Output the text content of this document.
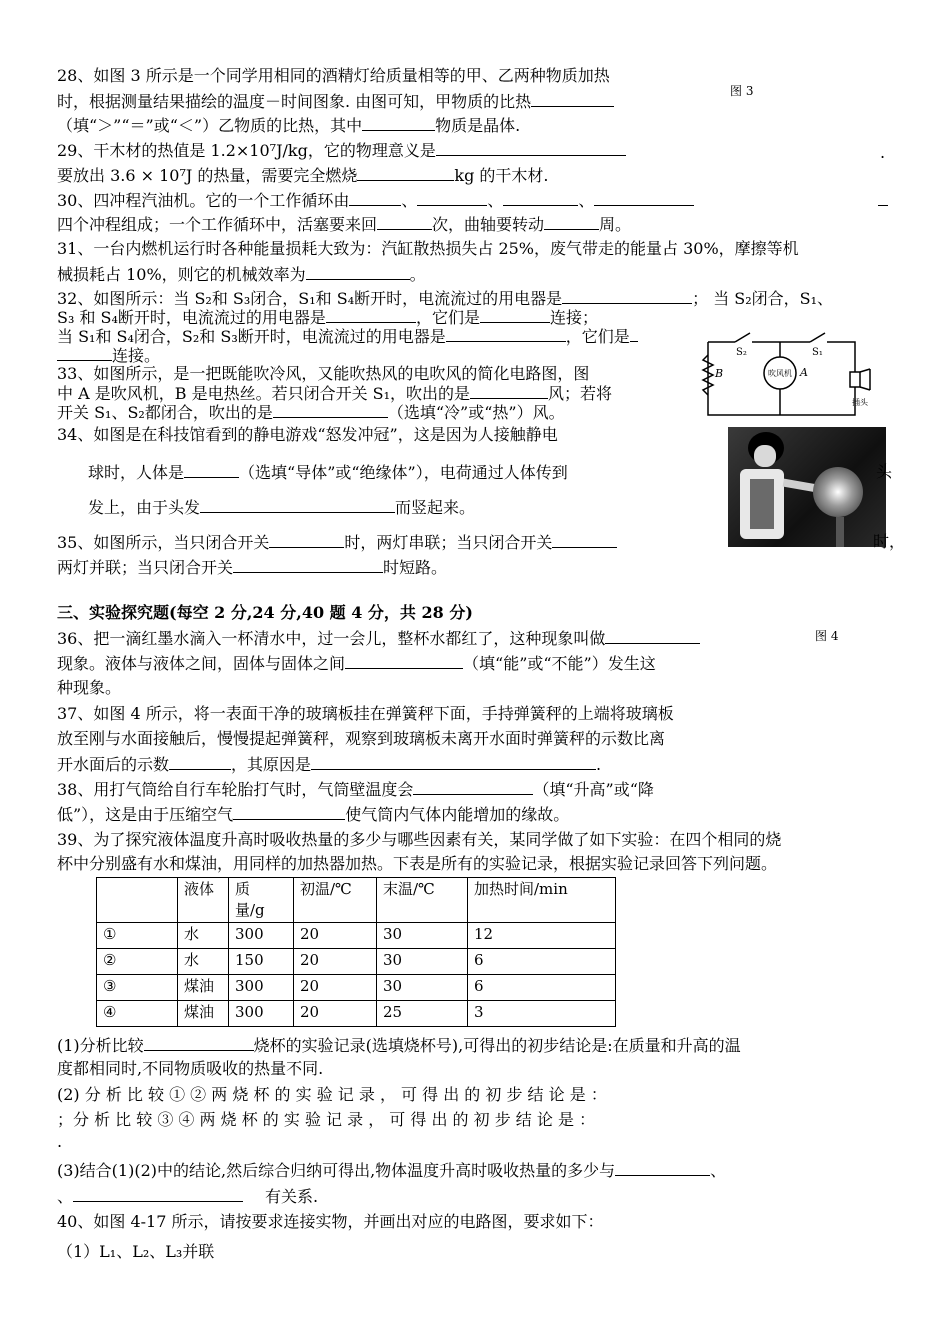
28、如图 3 所示是一个同学用相同的酒精灯给质量相等的甲、乙两种物质加热
图 3
时，根据测量结果描绘的温度－时间图象. 由图可知，甲物质的比热
（填“＞”“＝”或“＜”）乙物质的比热，其中	物质是晶体.
29、干木材的热值是 1.2×10⁷J/kg，它的物理意义是	.
要放出 3.6 × 10⁷J 的热量，需要完全燃烧	kg 的干木材.
30、四冲程汽油机。它的一个工作循环由	、	、	、
四个冲程组成；一个工作循环中，活塞要来回	次，曲轴要转动	周。
31、一台内燃机运行时各种能量损耗大致为：汽缸散热损失占 25%，废气带走的能量占 30%，摩擦等机
械损耗占 10%，则它的机械效率为	。
32、如图所示：当 S₂和 S₃闭合，S₁和 S₄断开时，电流流过的用电器是	； 当 S₂闭合，S₁、
S₃ 和 S₄断开时，电流流过的用电器是	，它们是	连接；
当 S₁和 S₄闭合，S₂和 S₃断开时，电流流过的用电器是	，它们是
连接。	S₂	S₁
B	吹风机 A
插头
33、如图所示，是一把既能吹冷风，又能吹热风的电吹风的简化电路图，图
中 A 是吹风机，B 是电热丝。若只闭合开关 S₁，吹出的是	风；若将
开关 S₁、S₂都闭合，吹出的是	（选填“冷”或“热”）风。
34、如图是在科技馆看到的静电游戏“怒发冲冠”，这是因为人接触静电
球时，人体是	（选填“导体”或“绝缘体”），电荷通过人体传到	头
发上，由于头发	而竖起来。
35、如图所示，当只闭合开关	时，两灯串联；当只闭合开关	时，
两灯并联；当只闭合开关	时短路。
三、实验探究题(每空 2 分,24 分,40 题 4 分，共 28 分)
36、把一滴红墨水滴入一杯清水中，过一会儿，整杯水都红了，这种现象叫做	图 4
现象。液体与液体之间，固体与固体之间	（填“能”或“不能”）发生这
种现象。
37、如图 4 所示，将一表面干净的玻璃板挂在弹簧秤下面，手持弹簧秤的上端将玻璃板
放至刚与水面接触后，慢慢提起弹簧秤，观察到玻璃板未离开水面时弹簧秤的示数比离
开水面后的示数	，其原因是	.
38、用打气筒给自行车轮胎打气时，气筒壁温度会	（填“升高”或“降
低”），这是由于压缩空气	使气筒内气体内能增加的缘故。
39、为了探究液体温度升高时吸收热量的多少与哪些因素有关，某同学做了如下实验：在四个相同的烧
杯中分别盛有水和煤油，用同样的加热器加热。下表是所有的实验记录，根据实验记录回答下列问题。
	液体	质
量/g	初温/℃	末温/℃	加热时间/min
①	水	300	20	30	12
②	水	150	20	30	6
③	煤油	300	20	30	6
④	煤油	300	20	25	3
(1)分析比较	烧杯的实验记录(选填烧杯号),可得出的初步结论是:在质量和升高的温
度都相同时,不同物质吸收的热量不同.
(2) 分 析 比 较 ① ② 两 烧 杯 的 实 验 记 录 ， 可 得 出 的 初 步 结 论 是 ：
；分 析 比 较 ③ ④ 两 烧 杯 的 实 验 记 录 ， 可 得 出 的 初 步 结 论 是 ：
.
(3)结合(1)(2)中的结论,然后综合归纳可得出,物体温度升高时吸收热量的多少与	、
、	有关系.
40、如图 4-17 所示，请按要求连接实物，并画出对应的电路图，要求如下：
（1）L₁、L₂、L₃并联
